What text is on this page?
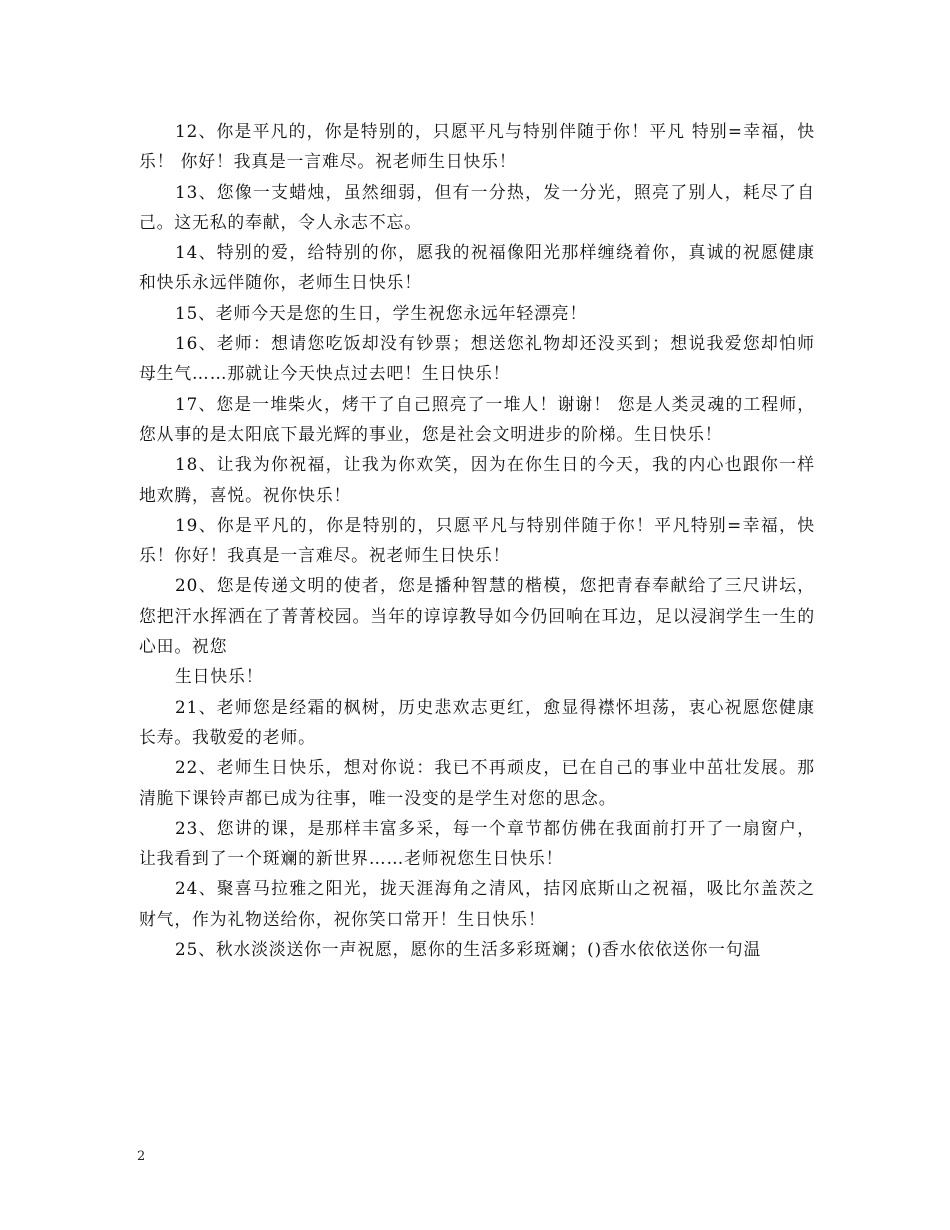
12、你是平凡的，你是特别的，只愿平凡与特别伴随于你！平凡 特别=幸福，快乐！ 你好！我真是一言难尽。祝老师生日快乐！

13、您像一支蜡烛，虽然细弱，但有一分热，发一分光，照亮了别人，耗尽了自己。这无私的奉献，令人永志不忘。

14、特别的爱，给特别的你，愿我的祝福像阳光那样缠绕着你，真诚的祝愿健康和快乐永远伴随你，老师生日快乐！

15、老师今天是您的生日，学生祝您永远年轻漂亮！

16、老师：想请您吃饭却没有钞票；想送您礼物却还没买到；想说我爱您却怕师母生气……那就让今天快点过去吧！生日快乐！

17、您是一堆柴火，烤干了自己照亮了一堆人！谢谢！ 您是人类灵魂的工程师，您从事的是太阳底下最光辉的事业，您是社会文明进步的阶梯。生日快乐！

18、让我为你祝福，让我为你欢笑，因为在你生日的今天，我的内心也跟你一样地欢腾，喜悦。祝你快乐！

19、你是平凡的，你是特别的，只愿平凡与特别伴随于你！平凡特别=幸福，快乐！你好！我真是一言难尽。祝老师生日快乐！

20、您是传递文明的使者，您是播种智慧的楷模，您把青春奉献给了三尺讲坛，您把汗水挥洒在了菁菁校园。当年的谆谆教导如今仍回响在耳边，足以浸润学生一生的心田。祝您

生日快乐！

21、老师您是经霜的枫树，历史悲欢志更红，愈显得襟怀坦荡，衷心祝愿您健康长寿。我敬爱的老师。

22、老师生日快乐，想对你说：我已不再顽皮，已在自己的事业中茁壮发展。那清脆下课铃声都已成为往事，唯一没变的是学生对您的思念。

23、您讲的课，是那样丰富多采，每一个章节都仿佛在我面前打开了一扇窗户，让我看到了一个斑斓的新世界……老师祝您生日快乐！

24、聚喜马拉雅之阳光，拢天涯海角之清风，拮冈底斯山之祝福，吸比尔盖茨之财气，作为礼物送给你，祝你笑口常开！生日快乐！

25、秋水淡淡送你一声祝愿，愿你的生活多彩斑斓；()香水依依送你一句温

2
